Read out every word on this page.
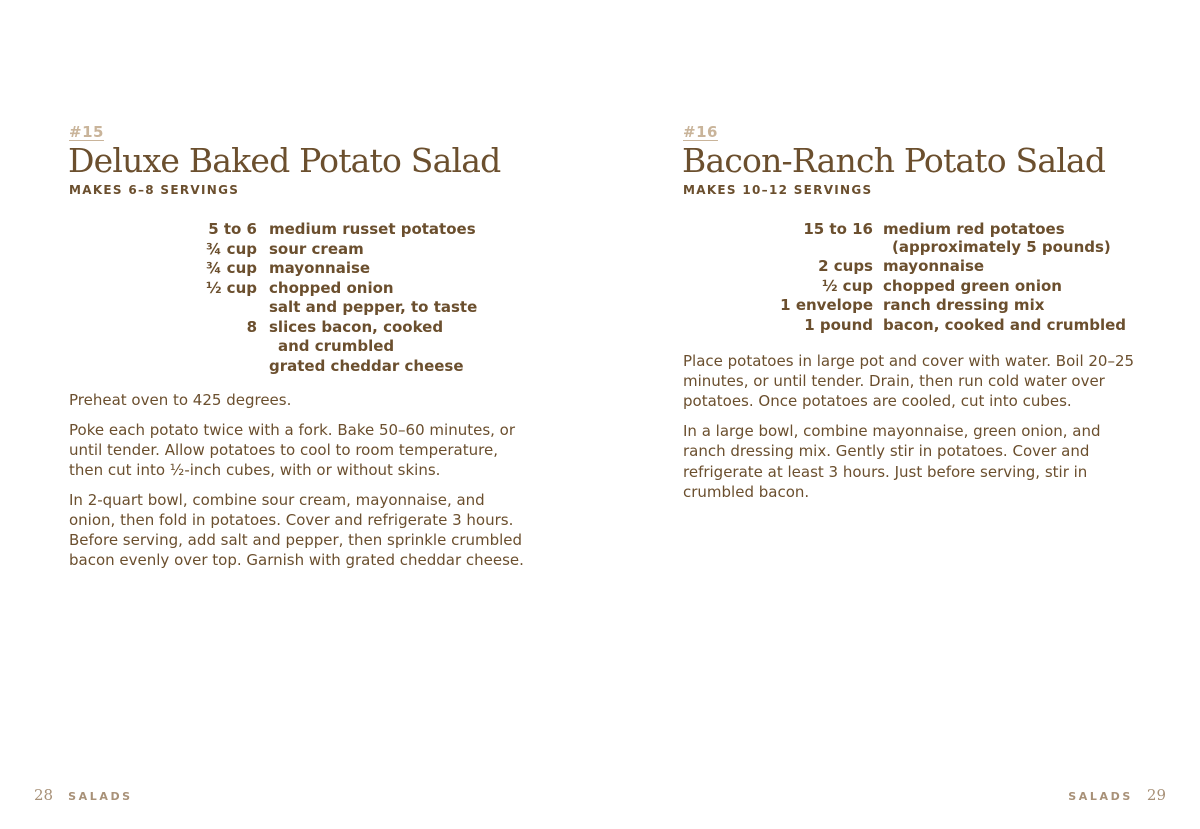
#15
Deluxe Baked Potato Salad
MAKES 6–8 SERVINGS
5 to 6 medium russet potatoes
¾ cup sour cream
¾ cup mayonnaise
½ cup chopped onion
salt and pepper, to taste
8 slices bacon, cooked
and crumbled
grated cheddar cheese

Preheat oven to 425 degrees.

Poke each potato twice with a fork. Bake 50–60 minutes, or until tender. Allow potatoes to cool to room temperature, then cut into ½-inch cubes, with or without skins.

In 2-quart bowl, combine sour cream, mayonnaise, and onion, then fold in potatoes. Cover and refrigerate 3 hours. Before serving, add salt and pepper, then sprinkle crumbled bacon evenly over top. Garnish with grated cheddar cheese.

28 SALADS
#16
Bacon-Ranch Potato Salad
MAKES 10–12 SERVINGS
15 to 16 medium red potatoes
(approximately 5 pounds)
2 cups mayonnaise
½ cup chopped green onion
1 envelope ranch dressing mix
1 pound bacon, cooked and crumbled

Place potatoes in large pot and cover with water. Boil 20–25 minutes, or until tender. Drain, then run cold water over potatoes. Once potatoes are cooled, cut into cubes.

In a large bowl, combine mayonnaise, green onion, and ranch dressing mix. Gently stir in potatoes. Cover and refrigerate at least 3 hours. Just before serving, stir in crumbled bacon.

SALADS 29
